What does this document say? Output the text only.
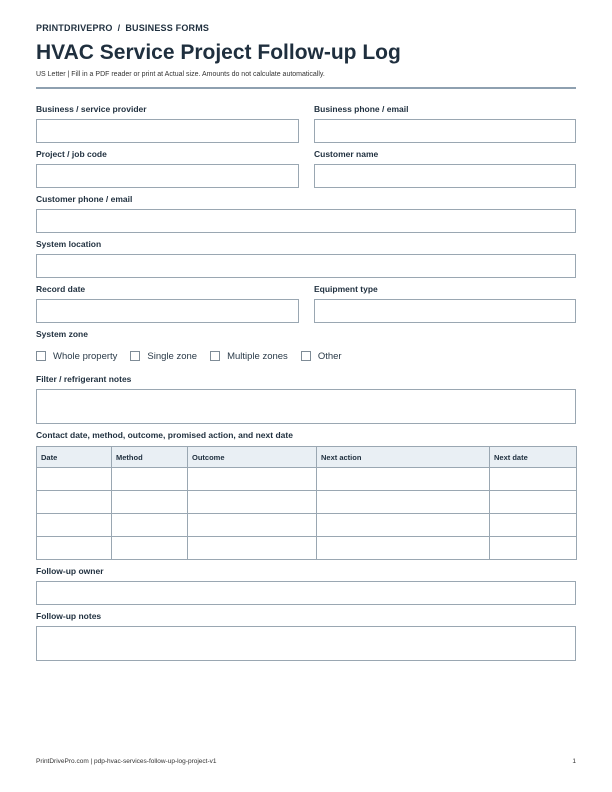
PRINTDRIVEPRO / BUSINESS FORMS
HVAC Service Project Follow-up Log
US Letter | Fill in a PDF reader or print at Actual size. Amounts do not calculate automatically.
Business / service provider	Business phone / email
Project / job code	Customer name
Customer phone / email
System location
Record date	Equipment type
System zone
Whole property	Single zone	Multiple zones	Other
Filter / refrigerant notes
Contact date, method, outcome, promised action, and next date
Date	Method	Outcome	Next action	Next date

Follow-up owner
Follow-up notes
PrintDrivePro.com | pdp-hvac-services-follow-up-log-project-v1	1
